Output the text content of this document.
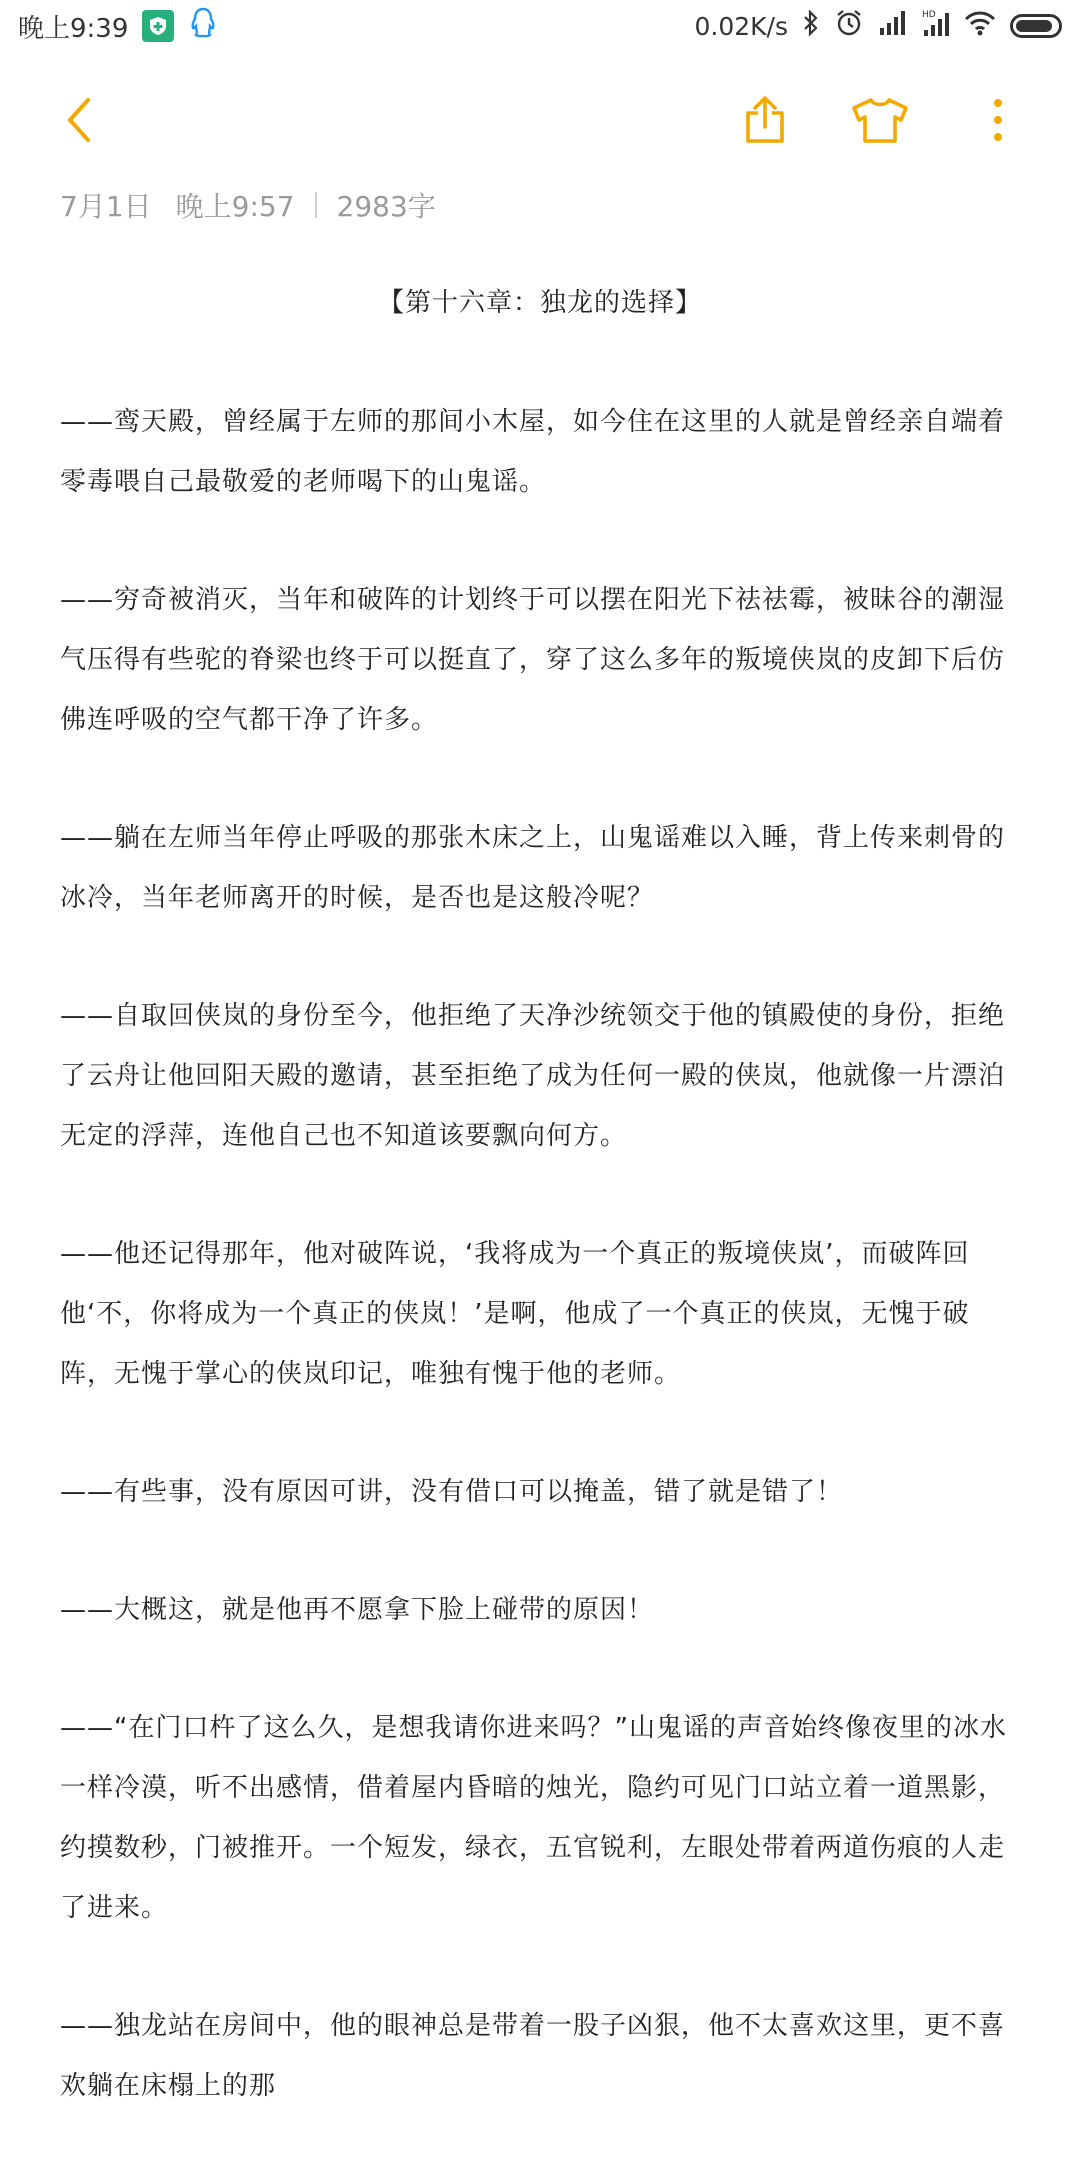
晚上9:39	0.02K/s	HD
7月1日 晚上9:57 2983字
【第十六章：独龙的选择】

——鸾天殿，曾经属于左师的那间小木屋，如今住在这里的人就是曾经亲自端着零毒喂自己最敬爱的老师喝下的山鬼谣。

——穷奇被消灭，当年和破阵的计划终于可以摆在阳光下祛祛霉，被昧谷的潮湿气压得有些驼的脊梁也终于可以挺直了，穿了这么多年的叛境侠岚的皮卸下后仿佛连呼吸的空气都干净了许多。

——躺在左师当年停止呼吸的那张木床之上，山鬼谣难以入睡，背上传来刺骨的冰冷，当年老师离开的时候，是否也是这般冷呢？

——自取回侠岚的身份至今，他拒绝了天净沙统领交于他的镇殿使的身份，拒绝了云舟让他回阳天殿的邀请，甚至拒绝了成为任何一殿的侠岚，他就像一片漂泊无定的浮萍，连他自己也不知道该要飘向何方。

——他还记得那年，他对破阵说，‘我将成为一个真正的叛境侠岚’，而破阵回他‘不，你将成为一个真正的侠岚！’是啊，他成了一个真正的侠岚，无愧于破阵，无愧于掌心的侠岚印记，唯独有愧于他的老师。

——有些事，没有原因可讲，没有借口可以掩盖，错了就是错了！

——大概这，就是他再不愿拿下脸上碰带的原因！

——“在门口杵了这么久，是想我请你进来吗？”山鬼谣的声音始终像夜里的冰水一样冷漠，听不出感情，借着屋内昏暗的烛光，隐约可见门口站立着一道黑影，约摸数秒，门被推开。一个短发，绿衣，五官锐利，左眼处带着两道伤痕的人走了进来。

——独龙站在房间中，他的眼神总是带着一股子凶狠，他不太喜欢这里，更不喜欢躺在床榻上的那
